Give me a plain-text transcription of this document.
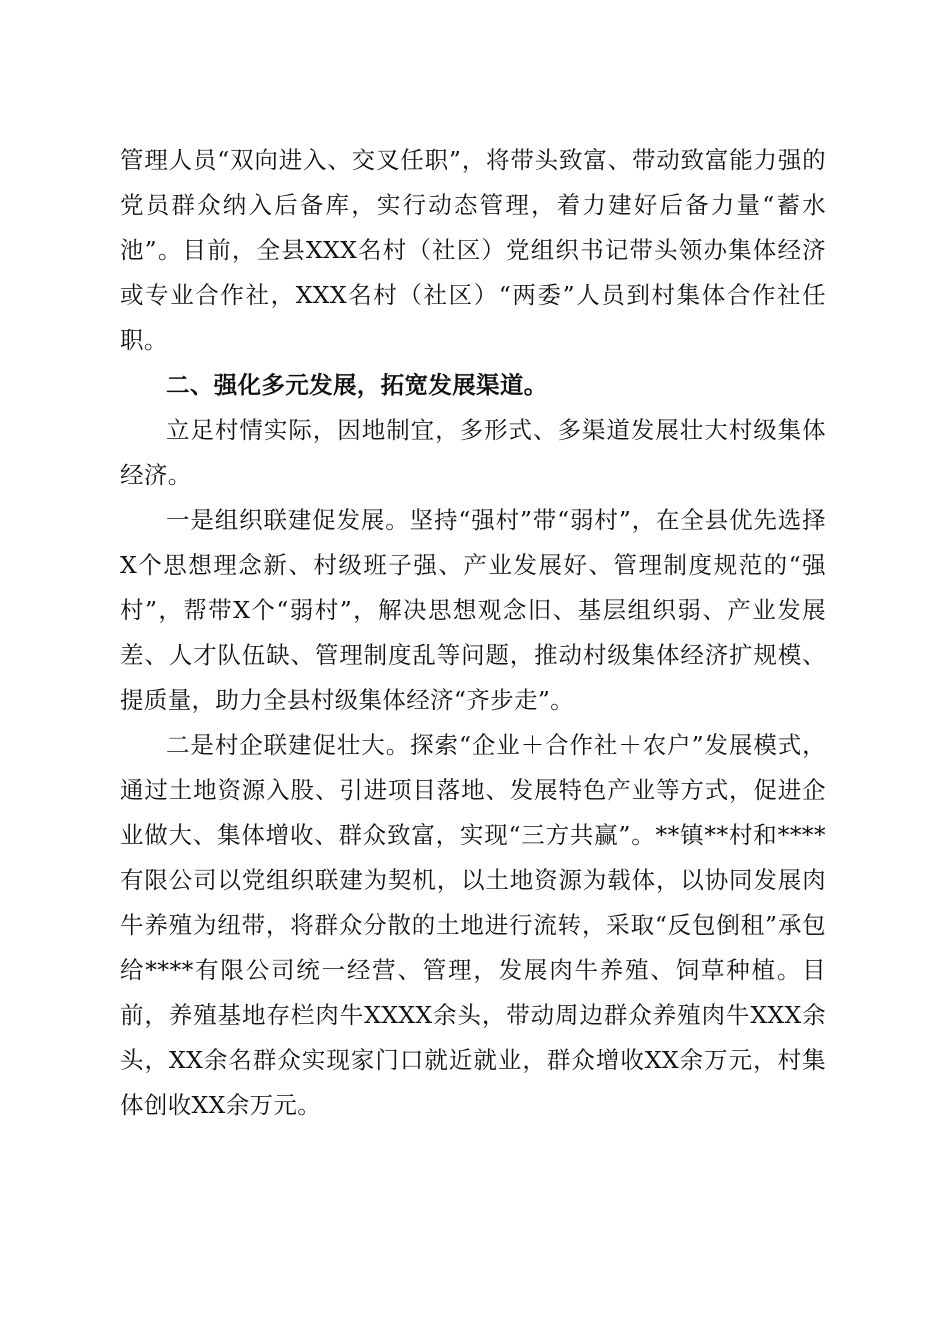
管理人员“双向进入、交叉任职”，将带头致富、带动致富能力强的党员群众纳入后备库，实行动态管理，着力建好后备力量“蓄水池”。目前，全县XXX名村（社区）党组织书记带头领办集体经济或专业合作社，XXX名村（社区）“两委”人员到村集体合作社任职。

二、强化多元发展，拓宽发展渠道。

立足村情实际，因地制宜，多形式、多渠道发展壮大村级集体经济。

一是组织联建促发展。坚持“强村”带“弱村”，在全县优先选择X个思想理念新、村级班子强、产业发展好、管理制度规范的“强村”，帮带X个“弱村”，解决思想观念旧、基层组织弱、产业发展差、人才队伍缺、管理制度乱等问题，推动村级集体经济扩规模、提质量，助力全县村级集体经济“齐步走”。

二是村企联建促壮大。探索“企业＋合作社＋农户”发展模式，通过土地资源入股、引进项目落地、发展特色产业等方式，促进企业做大、集体增收、群众致富，实现“三方共赢”。**镇**村和****有限公司以党组织联建为契机，以土地资源为载体，以协同发展肉牛养殖为纽带，将群众分散的土地进行流转，采取“反包倒租”承包给****有限公司统一经营、管理，发展肉牛养殖、饲草种植。目前，养殖基地存栏肉牛XXXX余头，带动周边群众养殖肉牛XXX余头，XX余名群众实现家门口就近就业，群众增收XX余万元，村集体创收XX余万元。
